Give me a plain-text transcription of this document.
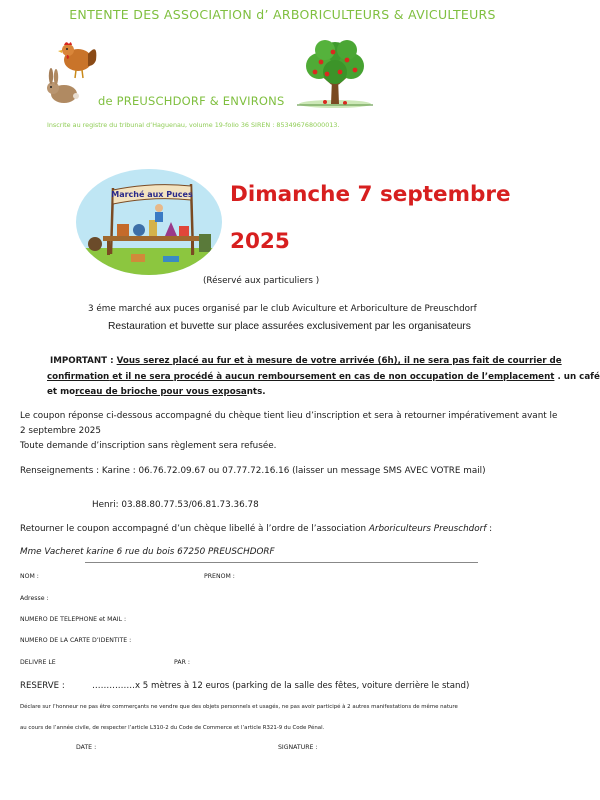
ENTENTE DES ASSOCIATION d’ ARBORICULTEURS & AVICULTEURS
de PREUSCHDORF & ENVIRONS
Inscrite au registre du tribunal d’Haguenau, volume 19-folio 36 SIREN : 853496768000013.
Marché aux Puces Dimanche 7 septembre
2025
(Réservé aux particuliers )
3 éme marché aux puces organisé par le club Aviculture et Arboriculture de Preuschdorf
Restauration et buvette sur place assurées exclusivement par les organisateurs
IMPORTANT : Vous serez placé au fur et à mesure de votre arrivée (6h), il ne sera pas fait de courrier de
confirmation et il ne sera procédé à aucun remboursement en cas de non occupation de l’emplacement . un café
et morceau de brioche pour vous exposants.
Le coupon réponse ci-dessous accompagné du chèque tient lieu d’inscription et sera à retourner impérativement avant le
2 septembre 2025
Toute demande d’inscription sans règlement sera refusée.
Renseignements : Karine : 06.76.72.09.67 ou 07.77.72.16.16 (laisser un message SMS AVEC VOTRE mail)
Henri: 03.88.80.77.53/06.81.73.36.78
Retourner le coupon accompagné d’un chèque libellé à l’ordre de l’association Arboriculteurs Preuschdorf :
Mme Vacheret karine 6 rue du bois 67250 PREUSCHDORF
NOM :	PRENOM :
Adresse :
NUMERO DE TELEPHONE et MAIL :
NUMERO DE LA CARTE D’IDENTITE :
DELIVRE LE	PAR :
RESERVE :	……………x 5 mètres à 12 euros (parking de la salle des fêtes, voiture derrière le stand)
Déclare sur l’honneur ne pas être commerçants ne vendre que des objets personnels et usagés, ne pas avoir participé à 2 autres manifestations de même nature
au cours de l’année civile, de respecter l’article L310-2 du Code de Commerce et l’article R321-9 du Code Pénal.
DATE :	SIGNATURE :
